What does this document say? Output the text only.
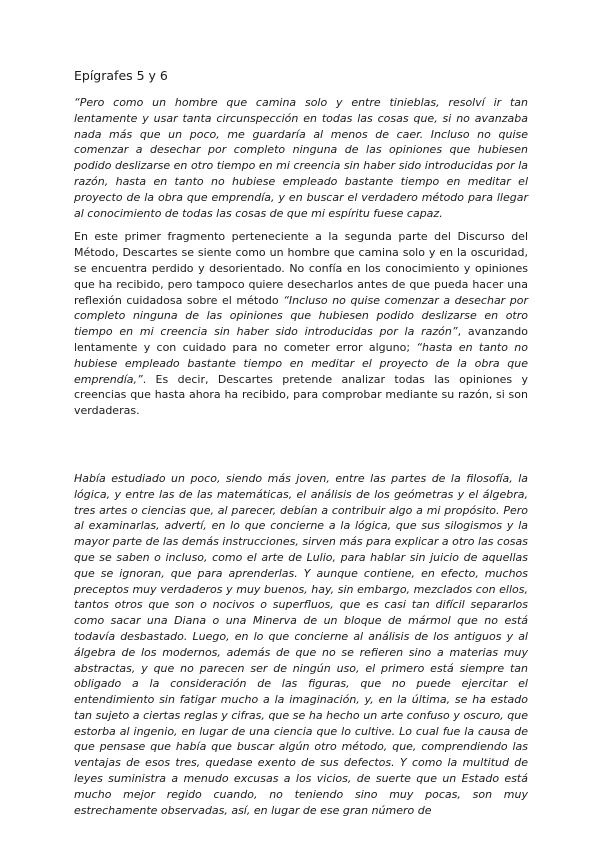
Epígrafes 5 y 6

“Pero como un hombre que camina solo y entre tinieblas, resolví ir tan lentamente y usar tanta circunspección en todas las cosas que, si no avanzaba nada más que un poco, me guardaría al menos de caer. Incluso no quise comenzar a desechar por completo ninguna de las opiniones que hubiesen podido deslizarse en otro tiempo en mi creencia sin haber sido introducidas por la razón, hasta en tanto no hubiese empleado bastante tiempo en meditar el proyecto de la obra que emprendía, y en buscar el verdadero método para llegar al conocimiento de todas las cosas de que mi espíritu fuese capaz.

En este primer fragmento perteneciente a la segunda parte del Discurso del Método, Descartes se siente como un hombre que camina solo y en la oscuridad, se encuentra perdido y desorientado. No confía en los conocimiento y opiniones que ha recibido, pero tampoco quiere desecharlos antes de que pueda hacer una reflexión cuidadosa sobre el método “Incluso no quise comenzar a desechar por completo ninguna de las opiniones que hubiesen podido deslizarse en otro tiempo en mi creencia sin haber sido introducidas por la razón”, avanzando lentamente y con cuidado para no cometer error alguno; “hasta en tanto no hubiese empleado bastante tiempo en meditar el proyecto de la obra que emprendía,”. Es decir, Descartes pretende analizar todas las opiniones y creencias que hasta ahora ha recibido, para comprobar mediante su razón, si son verdaderas.

Había estudiado un poco, siendo más joven, entre las partes de la filosofía, la lógica, y entre las de las matemáticas, el análisis de los geómetras y el álgebra, tres artes o ciencias que, al parecer, debían a contribuir algo a mi propósito. Pero al examinarlas, advertí, en lo que concierne a la lógica, que sus silogismos y la mayor parte de las demás instrucciones, sirven más para explicar a otro las cosas que se saben o incluso, como el arte de Lulio, para hablar sin juicio de aquellas que se ignoran, que para aprenderlas. Y aunque contiene, en efecto, muchos preceptos muy verdaderos y muy buenos, hay, sin embargo, mezclados con ellos, tantos otros que son o nocivos o superfluos, que es casi tan difícil separarlos como sacar una Diana o una Minerva de un bloque de mármol que no está todavía desbastado. Luego, en lo que concierne al análisis de los antiguos y al álgebra de los modernos, además de que no se refieren sino a materias muy abstractas, y que no parecen ser de ningún uso, el primero está siempre tan obligado a la consideración de las figuras, que no puede ejercitar el entendimiento sin fatigar mucho a la imaginación, y, en la última, se ha estado tan sujeto a ciertas reglas y cifras, que se ha hecho un arte confuso y oscuro, que estorba al ingenio, en lugar de una ciencia que lo cultive. Lo cual fue la causa de que pensase que había que buscar algún otro método, que, comprendiendo las ventajas de esos tres, quedase exento de sus defectos. Y como la multitud de leyes suministra a menudo excusas a los vicios, de suerte que un Estado está mucho mejor regido cuando, no teniendo sino muy pocas, son muy estrechamente observadas, así, en lugar de ese gran número de
